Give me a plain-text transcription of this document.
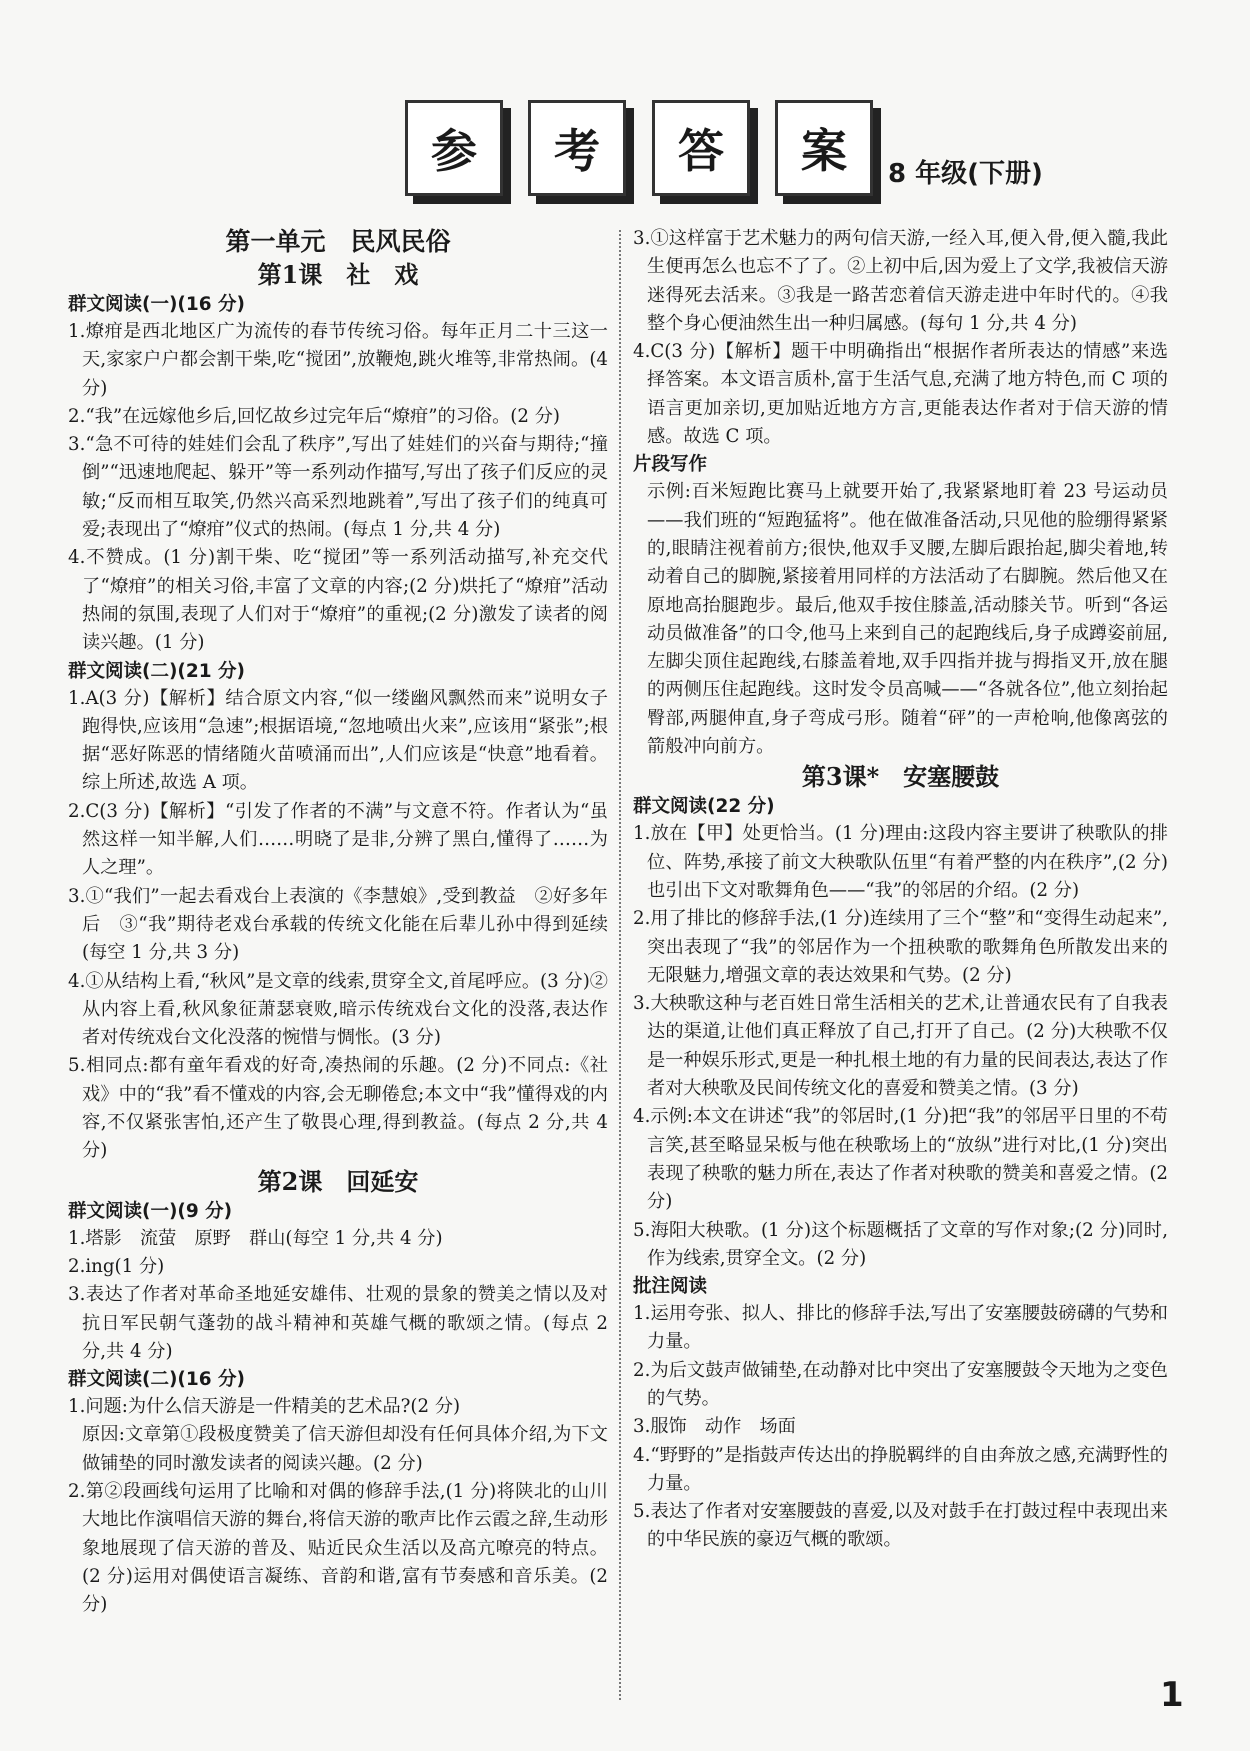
参	考	答	案	8 年级(下册)

第一单元　民风民俗

第1课　社　戏

群文阅读(一)(16 分)

1.燎疳是西北地区广为流传的春节传统习俗。每年正月二十三这一天,家家户户都会割干柴,吃“搅团”,放鞭炮,跳火堆等,非常热闹。(4 分)

2.“我”在远嫁他乡后,回忆故乡过完年后“燎疳”的习俗。(2 分)

3.“急不可待的娃娃们会乱了秩序”,写出了娃娃们的兴奋与期待;“撞倒”“迅速地爬起、躲开”等一系列动作描写,写出了孩子们反应的灵敏;“反而相互取笑,仍然兴高采烈地跳着”,写出了孩子们的纯真可爱;表现出了“燎疳”仪式的热闹。(每点 1 分,共 4 分)

4.不赞成。(1 分)割干柴、吃“搅团”等一系列活动描写,补充交代了“燎疳”的相关习俗,丰富了文章的内容;(2 分)烘托了“燎疳”活动热闹的氛围,表现了人们对于“燎疳”的重视;(2 分)激发了读者的阅读兴趣。(1 分)

群文阅读(二)(21 分)

1.A(3 分)【解析】结合原文内容,“似一缕幽风飘然而来”说明女子跑得快,应该用“急速”;根据语境,“忽地喷出火来”,应该用“紧张”;根据“恶好陈恶的情绪随火苗喷涌而出”,人们应该是“快意”地看着。综上所述,故选 A 项。

2.C(3 分)【解析】“引发了作者的不满”与文意不符。作者认为“虽然这样一知半解,人们……明晓了是非,分辨了黑白,懂得了……为人之理”。

3.①“我们”一起去看戏台上表演的《李慧娘》,受到教益　②好多年后　③“我”期待老戏台承载的传统文化能在后辈儿孙中得到延续(每空 1 分,共 3 分)

4.①从结构上看,“秋风”是文章的线索,贯穿全文,首尾呼应。(3 分)②从内容上看,秋风象征萧瑟衰败,暗示传统戏台文化的没落,表达作者对传统戏台文化没落的惋惜与惆怅。(3 分)

5.相同点:都有童年看戏的好奇,凑热闹的乐趣。(2 分)不同点:《社戏》中的“我”看不懂戏的内容,会无聊倦怠;本文中“我”懂得戏的内容,不仅紧张害怕,还产生了敬畏心理,得到教益。(每点 2 分,共 4 分)

第2课　回延安

群文阅读(一)(9 分)

1.塔影　流萤　原野　群山(每空 1 分,共 4 分)

2.ing(1 分)

3.表达了作者对革命圣地延安雄伟、壮观的景象的赞美之情以及对抗日军民朝气蓬勃的战斗精神和英雄气概的歌颂之情。(每点 2 分,共 4 分)

群文阅读(二)(16 分)

1.问题:为什么信天游是一件精美的艺术品?(2 分)

原因:文章第①段极度赞美了信天游但却没有任何具体介绍,为下文做铺垫的同时激发读者的阅读兴趣。(2 分)

2.第②段画线句运用了比喻和对偶的修辞手法,(1 分)将陕北的山川大地比作演唱信天游的舞台,将信天游的歌声比作云霞之辞,生动形象地展现了信天游的普及、贴近民众生活以及高亢嘹亮的特点。(2 分)运用对偶使语言凝练、音韵和谐,富有节奏感和音乐美。(2 分)

3.①这样富于艺术魅力的两句信天游,一经入耳,便入骨,便入髓,我此生便再怎么也忘不了了。②上初中后,因为爱上了文学,我被信天游迷得死去活来。③我是一路苦恋着信天游走进中年时代的。④我整个身心便油然生出一种归属感。(每句 1 分,共 4 分)

4.C(3 分)【解析】题干中明确指出“根据作者所表达的情感”来选择答案。本文语言质朴,富于生活气息,充满了地方特色,而 C 项的语言更加亲切,更加贴近地方方言,更能表达作者对于信天游的情感。故选 C 项。

片段写作

示例:百米短跑比赛马上就要开始了,我紧紧地盯着 23 号运动员——我们班的“短跑猛将”。他在做准备活动,只见他的脸绷得紧紧的,眼睛注视着前方;很快,他双手叉腰,左脚后跟抬起,脚尖着地,转动着自己的脚腕,紧接着用同样的方法活动了右脚腕。然后他又在原地高抬腿跑步。最后,他双手按住膝盖,活动膝关节。听到“各运动员做准备”的口令,他马上来到自己的起跑线后,身子成蹲姿前屈,左脚尖顶住起跑线,右膝盖着地,双手四指并拢与拇指叉开,放在腿的两侧压住起跑线。这时发令员高喊——“各就各位”,他立刻抬起臀部,两腿伸直,身子弯成弓形。随着“砰”的一声枪响,他像离弦的箭般冲向前方。

第3课*　安塞腰鼓

群文阅读(22 分)

1.放在【甲】处更恰当。(1 分)理由:这段内容主要讲了秧歌队的排位、阵势,承接了前文大秧歌队伍里“有着严整的内在秩序”,(2 分)也引出下文对歌舞角色——“我”的邻居的介绍。(2 分)

2.用了排比的修辞手法,(1 分)连续用了三个“整”和“变得生动起来”,突出表现了“我”的邻居作为一个扭秧歌的歌舞角色所散发出来的无限魅力,增强文章的表达效果和气势。(2 分)

3.大秧歌这种与老百姓日常生活相关的艺术,让普通农民有了自我表达的渠道,让他们真正释放了自己,打开了自己。(2 分)大秧歌不仅是一种娱乐形式,更是一种扎根土地的有力量的民间表达,表达了作者对大秧歌及民间传统文化的喜爱和赞美之情。(3 分)

4.示例:本文在讲述“我”的邻居时,(1 分)把“我”的邻居平日里的不苟言笑,甚至略显呆板与他在秧歌场上的“放纵”进行对比,(1 分)突出表现了秧歌的魅力所在,表达了作者对秧歌的赞美和喜爱之情。(2 分)

5.海阳大秧歌。(1 分)这个标题概括了文章的写作对象;(2 分)同时,作为线索,贯穿全文。(2 分)

批注阅读

1.运用夸张、拟人、排比的修辞手法,写出了安塞腰鼓磅礴的气势和力量。

2.为后文鼓声做铺垫,在动静对比中突出了安塞腰鼓令天地为之变色的气势。

3.服饰　动作　场面

4.“野野的”是指鼓声传达出的挣脱羁绊的自由奔放之感,充满野性的力量。

5.表达了作者对安塞腰鼓的喜爱,以及对鼓手在打鼓过程中表现出来的中华民族的豪迈气概的歌颂。

1
